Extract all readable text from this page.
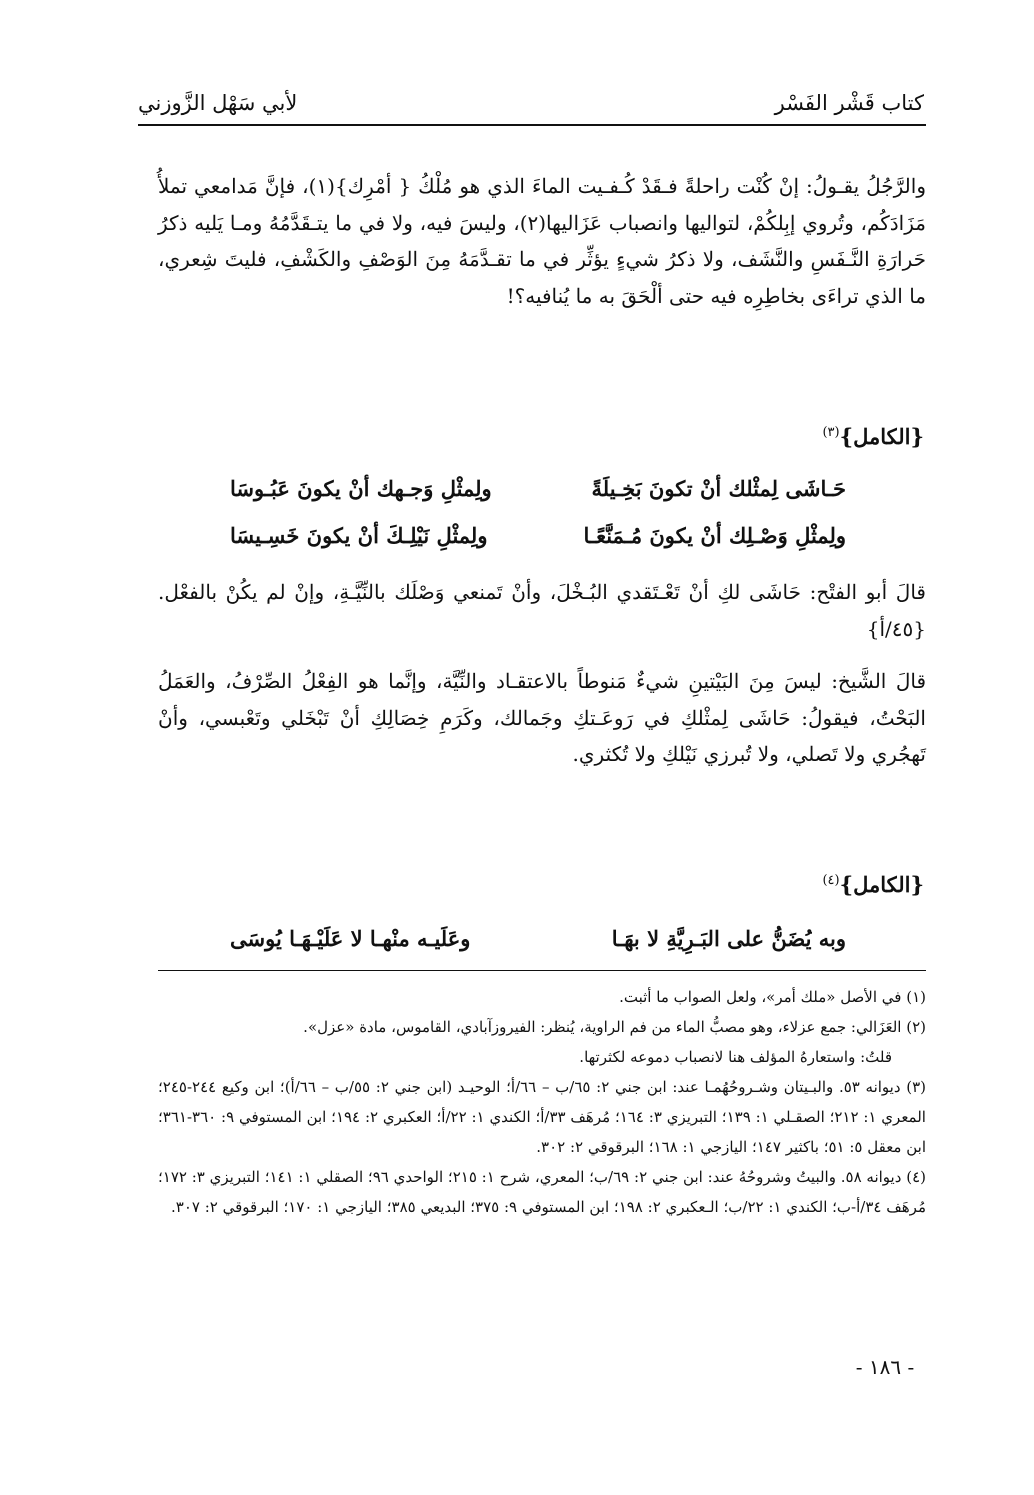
كتاب قَشْر الفَسْر
لأبي سَهْل الزَّوزني
والرَّجُلُ يقـولُ: إنْ كُنْت راحلةً فـقَدْ كُـفـيت الماءَ الذي هو مُلْكُ { أمْرِك}(١)، فإنَّ مَدامعي تملأُ مَزَادَكُم، وتُروي إبِلكُمْ، لتواليها وانصباب عَزَاليها(٢)، وليسَ فيه، ولا في ما يتـقَدَّمُهُ ومـا يَليه ذكرُ حَرارَةِ النَّـفَسِ والنَّشَف، ولا ذكرُ شيءٍ يؤثِّر في ما تقـدَّمَهُ مِنَ الوَصْفِ والكَشْفِ، فليتَ شِعري، ما الذي تراءَى بخاطِرِه فيه حتى ألْحَقَ به ما يُنافيه؟!
{الكامل}$^{(٣)}$
حَـاشَى لِمثْلك أنْ تكونَ بَخِـيلَةً
ولِمثْلِ وَجـهك أنْ يكونَ عَبُـوسَا
ولِمثْلِ وَصْـلِك أنْ يكونَ مُـمَنَّعًـا
ولِمثْلِ نَيْلِـكَ أنْ يكونَ خَسِـيسَا
قالَ أبو الفتْح: حَاشَى لكِ أنْ تَعْـتَقدي البُـخْلَ، وأنْ تَمنعي وَصْلَك بالنِّيَّـةِ، وإنْ لم يكُنْ بالفعْل. {٤٥/أ}
قالَ الشَّيخ: ليسَ مِنَ البَيْتينِ شيءٌ مَنوطاً بالاعتقـاد والنِّيَّة، وإنَّما هو الفِعْلُ الصِّرْفُ، والعَمَلُ البَحْتُ، فيقولُ: حَاشَى لِمثْلكِ في رَوعَـتكِ وجَمالك، وكَرَمِ خِصَالِكِ أنْ تَبْخَلي وتَعْبسي، وأنْ تَهجُري ولا تَصلي، ولا تُبرزي نَيْلكِ ولا تُكثري.
{الكامل}$^{(٤)}$
وبه يُضَنُّ على البَـرِيَّةِ لا بهَـا
وعَلَيـه منْهـا لا عَلَيْـهَـا يُوسَى
(١) في الأصل «ملك أمر»، ولعل الصواب ما أثبت.
(٢) العَزَالي: جمع عزلاء، وهو مصبُّ الماء من فم الراوية، يُنظر: الفيروزآبادي، القاموس، مادة «عزل».
قلتُ: واستعارهُ المؤلف هنا لانصباب دموعه لكثرتها.
(٣) ديوانه ٥٣. والبـيتان وشـروحُهُمـا عند: ابن جني ٢: ٦٥/ب – ٦٦/أ؛ الوحيـد (ابن جني ٢: ٥٥/ب – ٦٦/أ)؛ ابن وكيع ٢٤٤-٢٤٥؛ المعري ١: ٢١٢؛ الصقـلي ١: ١٣٩؛ التبريزي ٣: ١٦٤؛ مُرهَف ٣٣/أ؛ الكندي ١: ٢٢/أ؛ العكبري ٢: ١٩٤؛ ابن المستوفي ٩: ٣٦٠-٣٦١؛ ابن معقل ٥: ٥١؛ باكثير ١٤٧؛ اليازجي ١: ١٦٨؛ البرقوقي ٢: ٣٠٢.
(٤) ديوانه ٥٨. والبيتُ وشروحُهُ عند: ابن جني ٢: ٦٩/ب؛ المعري، شرح ١: ٢١٥؛ الواحدي ٩٦؛ الصقلي ١: ١٤١؛ التبريزي ٣: ١٧٢؛ مُرهَف ٣٤/أ-ب؛ الكندي ١: ٢٢/ب؛ الـعكبري ٢: ١٩٨؛ ابن المستوفي ٩: ٣٧٥؛ البديعي ٣٨٥؛ اليازجي ١: ١٧٠؛ البرقوقي ٢: ٣٠٧.
- ١٨٦ -
